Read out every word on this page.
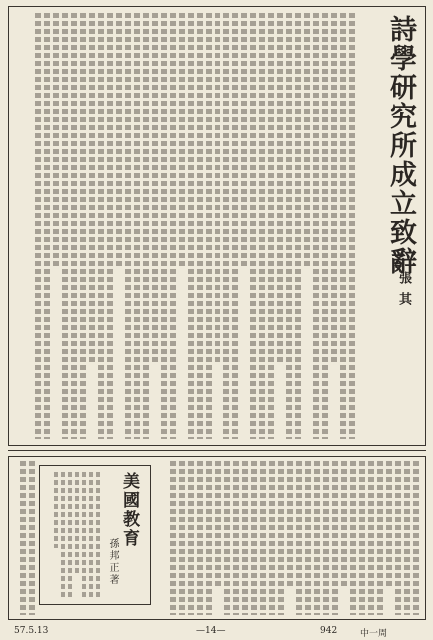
詩學研究所成立致辭
張其
美國教育
孫邦正著
57.5.13	—14—	942	中一周
